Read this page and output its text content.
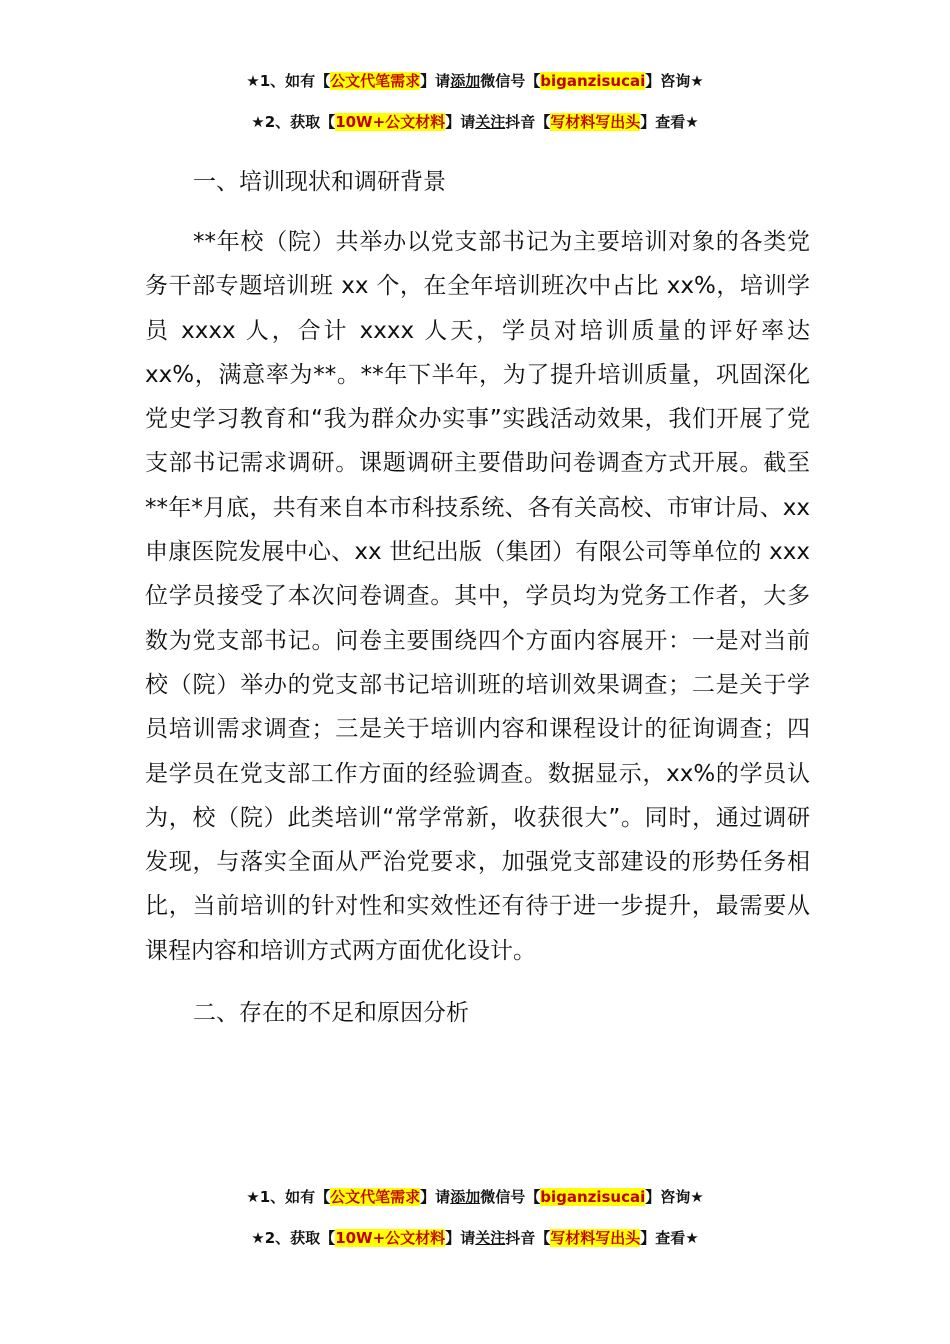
★1、如有【公文代笔需求】请添加微信号【biganzisucai】咨询★
★2、获取【10W+公文材料】请关注抖音【写材料写出头】查看★

一、培训现状和调研背景

**年校（院）共举办以党支部书记为主要培训对象的各类党务干部专题培训班 xx 个，在全年培训班次中占比 xx%，培训学员 xxxx 人，合计 xxxx 人天，学员对培训质量的评好率达 xx%，满意率为**。**年下半年，为了提升培训质量，巩固深化党史学习教育和“我为群众办实事”实践活动效果，我们开展了党支部书记需求调研。课题调研主要借助问卷调查方式开展。截至**年*月底，共有来自本市科技系统、各有关高校、市审计局、xx 申康医院发展中心、xx 世纪出版（集团）有限公司等单位的 xxx 位学员接受了本次问卷调查。其中，学员均为党务工作者，大多数为党支部书记。问卷主要围绕四个方面内容展开：一是对当前校（院）举办的党支部书记培训班的培训效果调查；二是关于学员培训需求调查；三是关于培训内容和课程设计的征询调查；四是学员在党支部工作方面的经验调查。数据显示，xx%的学员认为，校（院）此类培训“常学常新，收获很大”。同时，通过调研发现，与落实全面从严治党要求，加强党支部建设的形势任务相比，当前培训的针对性和实效性还有待于进一步提升，最需要从课程内容和培训方式两方面优化设计。

二、存在的不足和原因分析

★1、如有【公文代笔需求】请添加微信号【biganzisucai】咨询★
★2、获取【10W+公文材料】请关注抖音【写材料写出头】查看★
